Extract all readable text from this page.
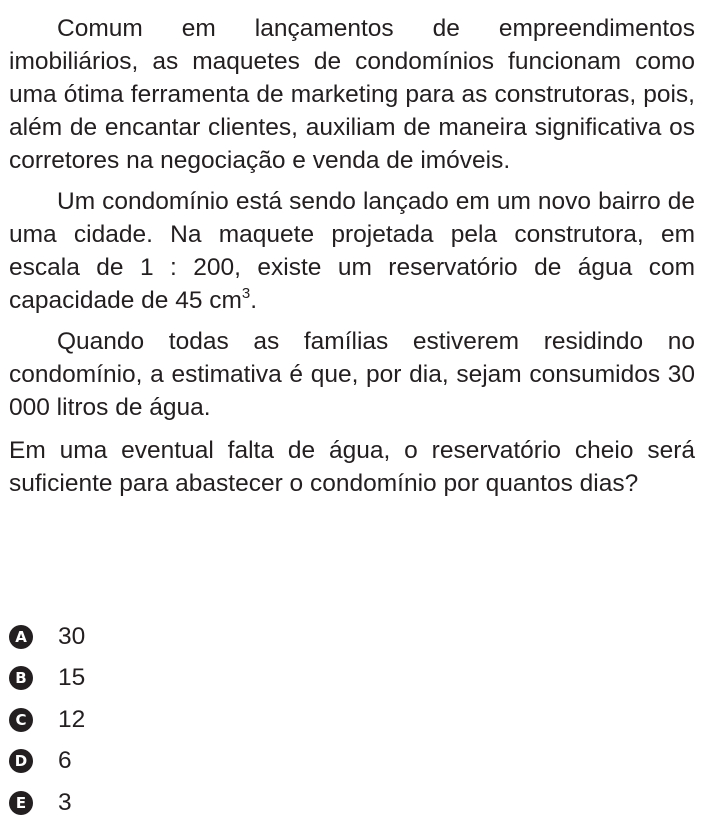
Comum em lançamentos de empreendimentos imobiliários, as maquetes de condomínios funcionam como uma ótima ferramenta de marketing para as construtoras, pois, além de encantar clientes, auxiliam de maneira significativa os corretores na negociação e venda de imóveis.

Um condomínio está sendo lançado em um novo bairro de uma cidade. Na maquete projetada pela construtora, em escala de 1 : 200, existe um reservatório de água com capacidade de 45 $cm^3$.

Quando todas as famílias estiverem residindo no condomínio, a estimativa é que, por dia, sejam consumidos 30 000 litros de água.

Em uma eventual falta de água, o reservatório cheio será suficiente para abastecer o condomínio por quantos dias?

A 30
B 15
C 12
D 6
E 3
